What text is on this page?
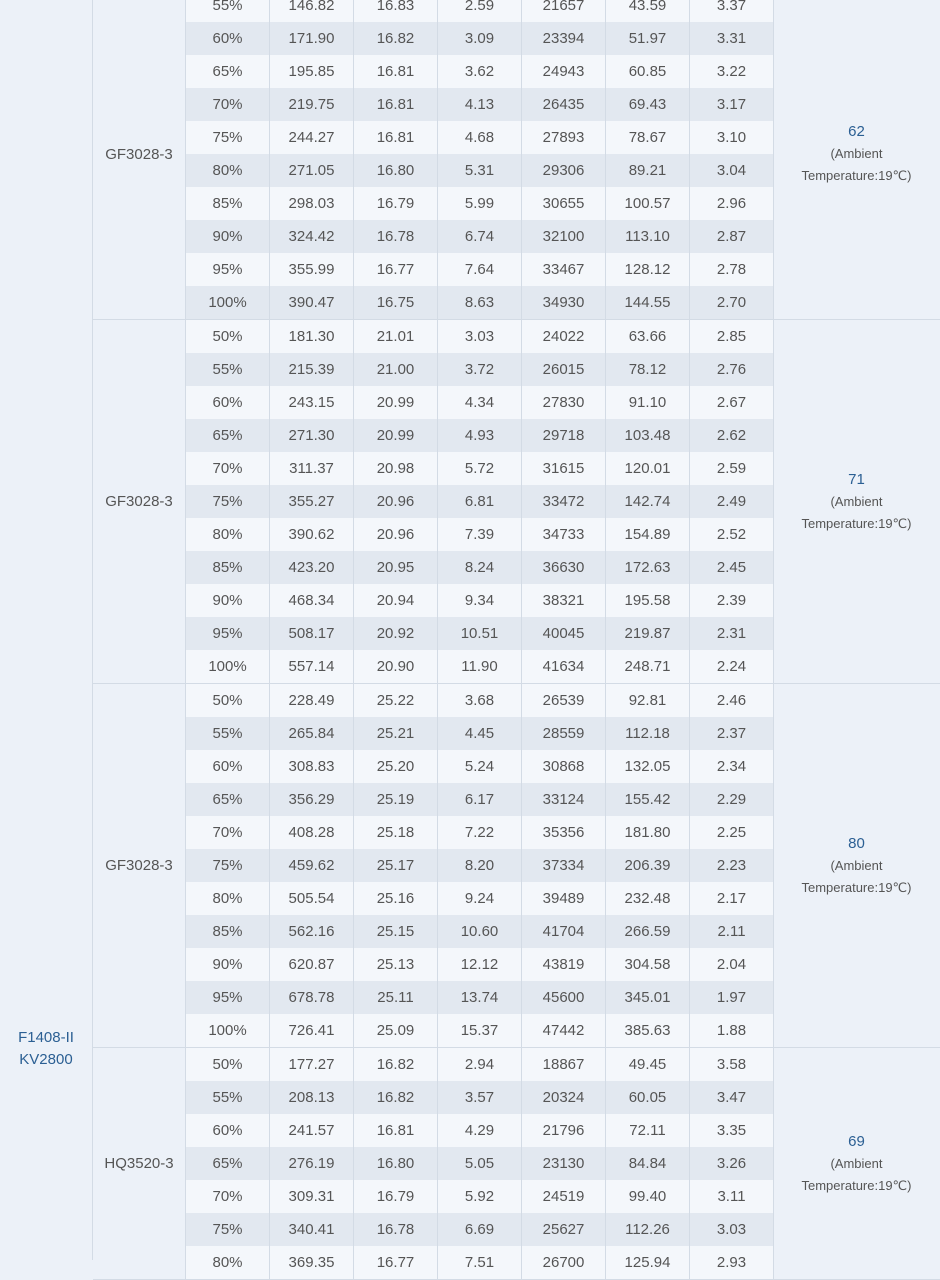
F1408-II
KV2800
GF3028-3
55%	146.82	16.83	2.59	21657	43.59	3.37
60%	171.90	16.82	3.09	23394	51.97	3.31
65%	195.85	16.81	3.62	24943	60.85	3.22
70%	219.75	16.81	4.13	26435	69.43	3.17
75%	244.27	16.81	4.68	27893	78.67	3.10
80%	271.05	16.80	5.31	29306	89.21	3.04
85%	298.03	16.79	5.99	30655	100.57	2.96
90%	324.42	16.78	6.74	32100	113.10	2.87
95%	355.99	16.77	7.64	33467	128.12	2.78
100%	390.47	16.75	8.63	34930	144.55	2.70
62
(Ambient
Temperature:19℃)
GF3028-3
50%	181.30	21.01	3.03	24022	63.66	2.85
55%	215.39	21.00	3.72	26015	78.12	2.76
60%	243.15	20.99	4.34	27830	91.10	2.67
65%	271.30	20.99	4.93	29718	103.48	2.62
70%	311.37	20.98	5.72	31615	120.01	2.59
75%	355.27	20.96	6.81	33472	142.74	2.49
80%	390.62	20.96	7.39	34733	154.89	2.52
85%	423.20	20.95	8.24	36630	172.63	2.45
90%	468.34	20.94	9.34	38321	195.58	2.39
95%	508.17	20.92	10.51	40045	219.87	2.31
100%	557.14	20.90	11.90	41634	248.71	2.24
71
(Ambient
Temperature:19℃)
GF3028-3
50%	228.49	25.22	3.68	26539	92.81	2.46
55%	265.84	25.21	4.45	28559	112.18	2.37
60%	308.83	25.20	5.24	30868	132.05	2.34
65%	356.29	25.19	6.17	33124	155.42	2.29
70%	408.28	25.18	7.22	35356	181.80	2.25
75%	459.62	25.17	8.20	37334	206.39	2.23
80%	505.54	25.16	9.24	39489	232.48	2.17
85%	562.16	25.15	10.60	41704	266.59	2.11
90%	620.87	25.13	12.12	43819	304.58	2.04
95%	678.78	25.11	13.74	45600	345.01	1.97
100%	726.41	25.09	15.37	47442	385.63	1.88
80
(Ambient
Temperature:19℃)
HQ3520-3
50%	177.27	16.82	2.94	18867	49.45	3.58
55%	208.13	16.82	3.57	20324	60.05	3.47
60%	241.57	16.81	4.29	21796	72.11	3.35
65%	276.19	16.80	5.05	23130	84.84	3.26
70%	309.31	16.79	5.92	24519	99.40	3.11
75%	340.41	16.78	6.69	25627	112.26	3.03
80%	369.35	16.77	7.51	26700	125.94	2.93
69
(Ambient
Temperature:19℃)
